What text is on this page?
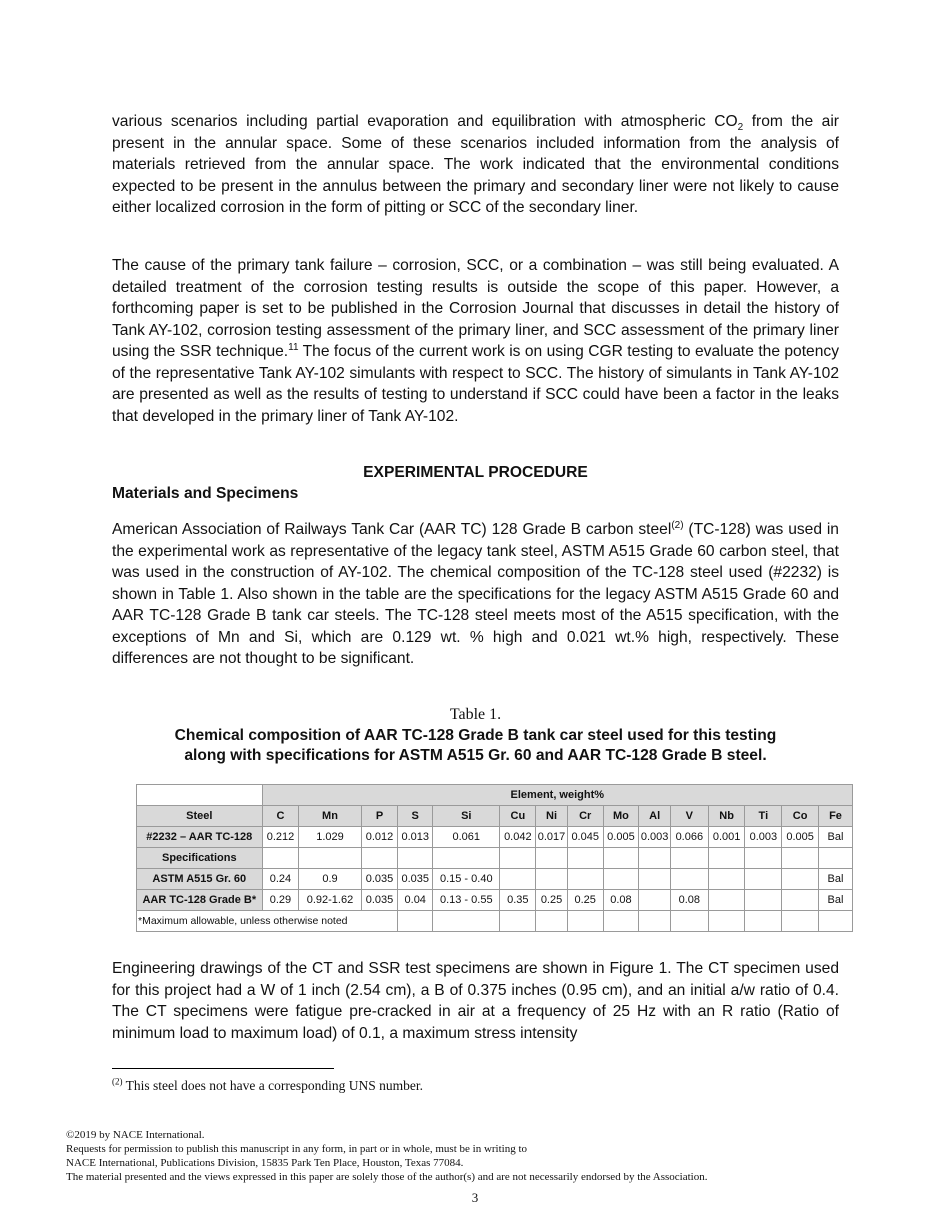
various scenarios including partial evaporation and equilibration with atmospheric $CO_2$ from the air present in the annular space. Some of these scenarios included information from the analysis of materials retrieved from the annular space. The work indicated that the environmental conditions expected to be present in the annulus between the primary and secondary liner were not likely to cause either localized corrosion in the form of pitting or SCC of the secondary liner.

The cause of the primary tank failure – corrosion, SCC, or a combination – was still being evaluated. A detailed treatment of the corrosion testing results is outside the scope of this paper. However, a forthcoming paper is set to be published in the Corrosion Journal that discusses in detail the history of Tank AY-102, corrosion testing assessment of the primary liner, and SCC assessment of the primary liner using the SSR technique.$^{11}$ The focus of the current work is on using CGR testing to evaluate the potency of the representative Tank AY-102 simulants with respect to SCC. The history of simulants in Tank AY-102 are presented as well as the results of testing to understand if SCC could have been a factor in the leaks that developed in the primary liner of Tank AY-102.

EXPERIMENTAL PROCEDURE

Materials and Specimens

American Association of Railways Tank Car (AAR TC) 128 Grade B carbon steel$^{(2)}$ (TC-128) was used in the experimental work as representative of the legacy tank steel, ASTM A515 Grade 60 carbon steel, that was used in the construction of AY-102. The chemical composition of the TC-128 steel used (#2232) is shown in Table 1. Also shown in the table are the specifications for the legacy ASTM A515 Grade 60 and AAR TC-128 Grade B tank car steels. The TC-128 steel meets most of the A515 specification, with the exceptions of Mn and Si, which are 0.129 wt. % high and 0.021 wt.% high, respectively. These differences are not thought to be significant.

Table 1.

Chemical composition of AAR TC-128 Grade B tank car steel used for this testing
along with specifications for ASTM A515 Gr. 60 and AAR TC-128 Grade B steel.

	Element, weight%														
Steel	C	Mn	P	S	Si	Cu	Ni	Cr	Mo	Al	V	Nb	Ti	Co	Fe
#2232 – AAR TC-128	0.212	1.029	0.012	0.013	0.061	0.042	0.017	0.045	0.005	0.003	0.066	0.001	0.003	0.005	Bal
Specifications															
ASTM A515 Gr. 60	0.24	0.9	0.035	0.035	0.15 - 0.40										Bal
AAR TC-128 Grade B*	0.29	0.92-1.62	0.035	0.04	0.13 - 0.55	0.35	0.25	0.25	0.08		0.08				Bal
*Maximum allowable, unless otherwise noted															

Engineering drawings of the CT and SSR test specimens are shown in Figure 1. The CT specimen used for this project had a W of 1 inch (2.54 cm), a B of 0.375 inches (0.95 cm), and an initial a/w ratio of 0.4. The CT specimens were fatigue pre-cracked in air at a frequency of 25 Hz with an R ratio (Ratio of minimum load to maximum load) of 0.1, a maximum stress intensity

$^{(2)}$ This steel does not have a corresponding UNS number.

©2019 by NACE International.
Requests for permission to publish this manuscript in any form, in part or in whole, must be in writing to
NACE International, Publications Division, 15835 Park Ten Place, Houston, Texas 77084.
The material presented and the views expressed in this paper are solely those of the author(s) and are not necessarily endorsed by the Association.

3
